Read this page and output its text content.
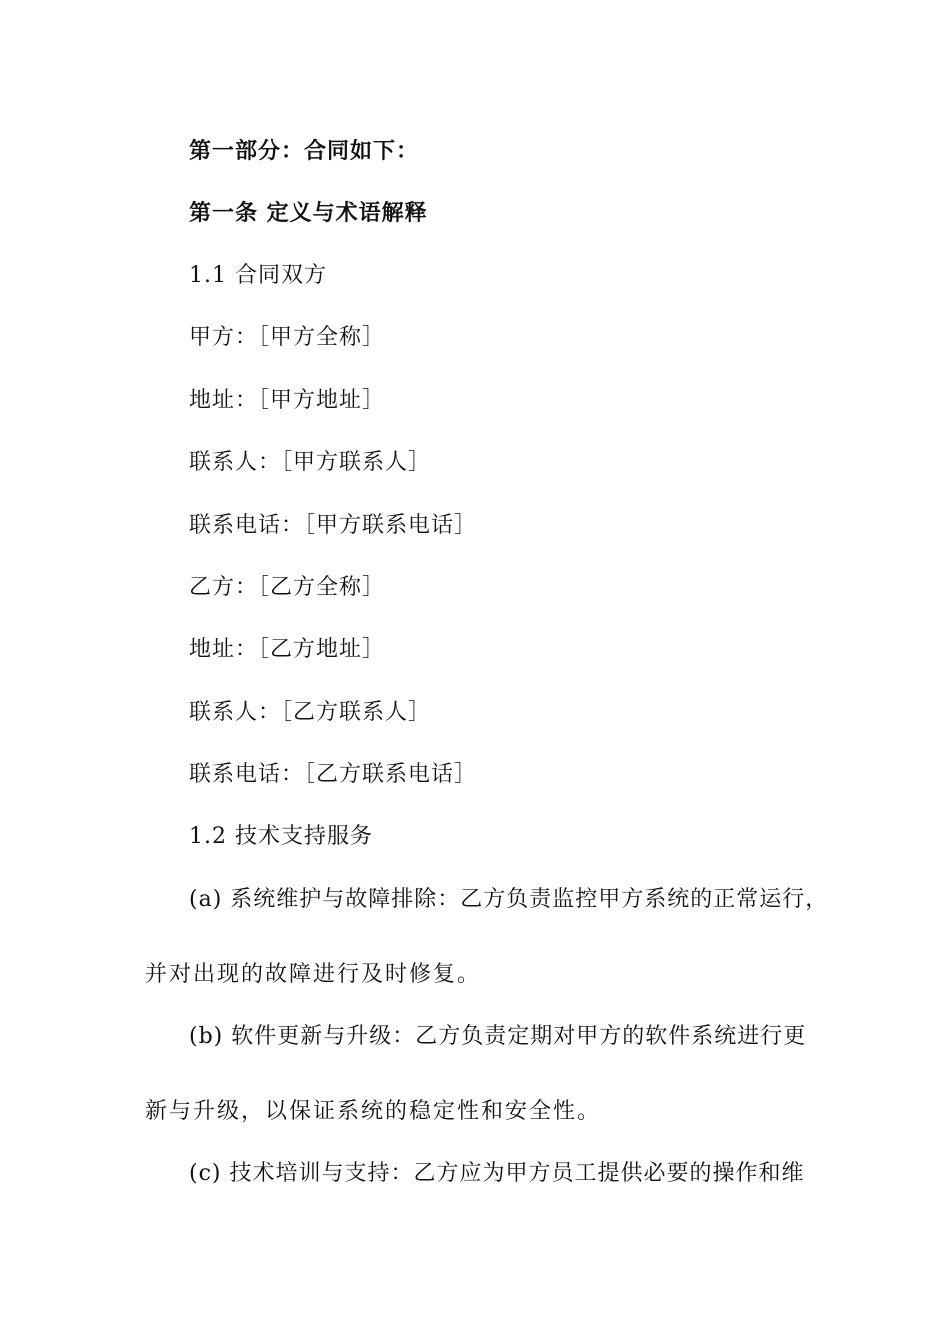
第一部分：合同如下：
第一条 定义与术语解释
1.1 合同双方
甲方：［甲方全称］
地址：［甲方地址］
联系人：［甲方联系人］
联系电话：［甲方联系电话］
乙方：［乙方全称］
地址：［乙方地址］
联系人：［乙方联系人］
联系电话：［乙方联系电话］
1.2 技术支持服务
(a) 系统维护与故障排除：乙方负责监控甲方系统的正常运行，
并对出现的故障进行及时修复。
(b) 软件更新与升级：乙方负责定期对甲方的软件系统进行更
新与升级，以保证系统的稳定性和安全性。
(c) 技术培训与支持：乙方应为甲方员工提供必要的操作和维
